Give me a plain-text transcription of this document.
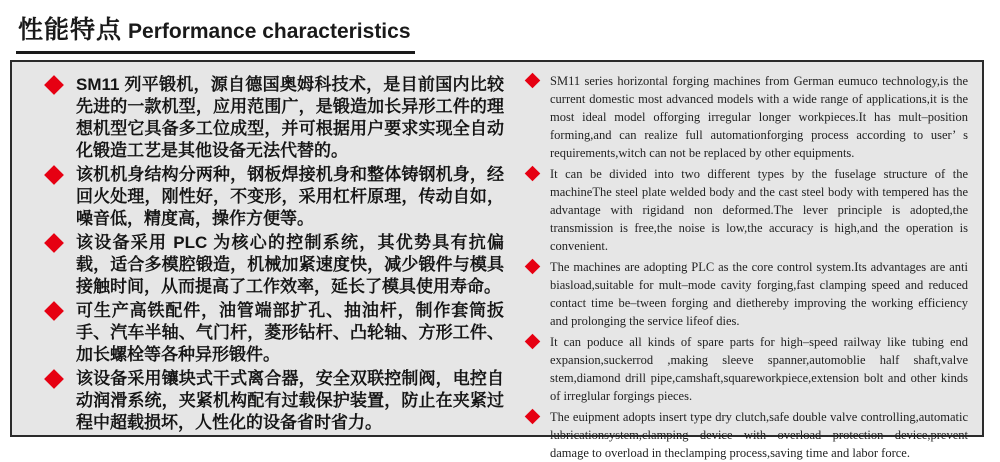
性能特点 Performance characteristics
SM11 列平锻机，源自德国奥姆科技术，是目前国内比较先进的一款机型，应用范围广，是锻造加长异形工件的理想机型它具备多工位成型，并可根据用户要求实现全自动化锻造工艺是其他设备无法代替的。
该机机身结构分两种，钢板焊接机身和整体铸钢机身，经回火处理，刚性好，不变形，采用杠杆原理，传动自如，噪音低，精度高，操作方便等。
该设备采用 PLC 为核心的控制系统，其优势具有抗偏载，适合多模腔锻造，机械加紧速度快，减少锻件与模具接触时间，从而提高了工作效率，延长了模具使用寿命。
可生产高铁配件，油管端部扩孔、抽油杆，制作套筒扳手、汽车半轴、气门杆，菱形钻杆、凸轮轴、方形工件、加长螺栓等各种异形锻件。
该设备采用镶块式干式离合器，安全双联控制阀，电控自动润滑系统，夹紧机构配有过载保护装置，防止在夹紧过程中超载损坏，人性化的设备省时省力。
SM11 series horizontal forging machines from German eumuco technology,is the current domestic most advanced models with a wide range of applications,it is the most ideal model offorging irregular longer workpieces.It has mult–position forming,and can realize full automationforging process according to user’ s requirements,witch can not be replaced by other equipments.
It can be divided into two different types by the fuselage structure of the machineThe steel plate welded body and the cast steel body with tempered has the advantage with rigidand non deformed.The lever principle is adopted,the transmission is free,the noise is low,the accuracy is high,and the operation is convenient.
The machines are adopting PLC as the core control system.Its advantages are anti biasload,suitable for mult–mode cavity forging,fast clamping speed and reduced contact time be–tween forging and diethereby improving the working efficiency and prolonging the service lifeof dies.
It can poduce all kinds of spare parts for high–speed railway like tubing end expansion,suckerrod ,making sleeve spanner,automoblie half shaft,valve stem,diamond drill pipe,camshaft,squareworkpiece,extension bolt and other kinds of irreglular forgings pieces.
The euipment adopts insert type dry clutch,safe double valve controlling,automatic lubricationsystem,clamping device with overload protection device,prevent damage to overload in theclamping process,saving time and labor force.
